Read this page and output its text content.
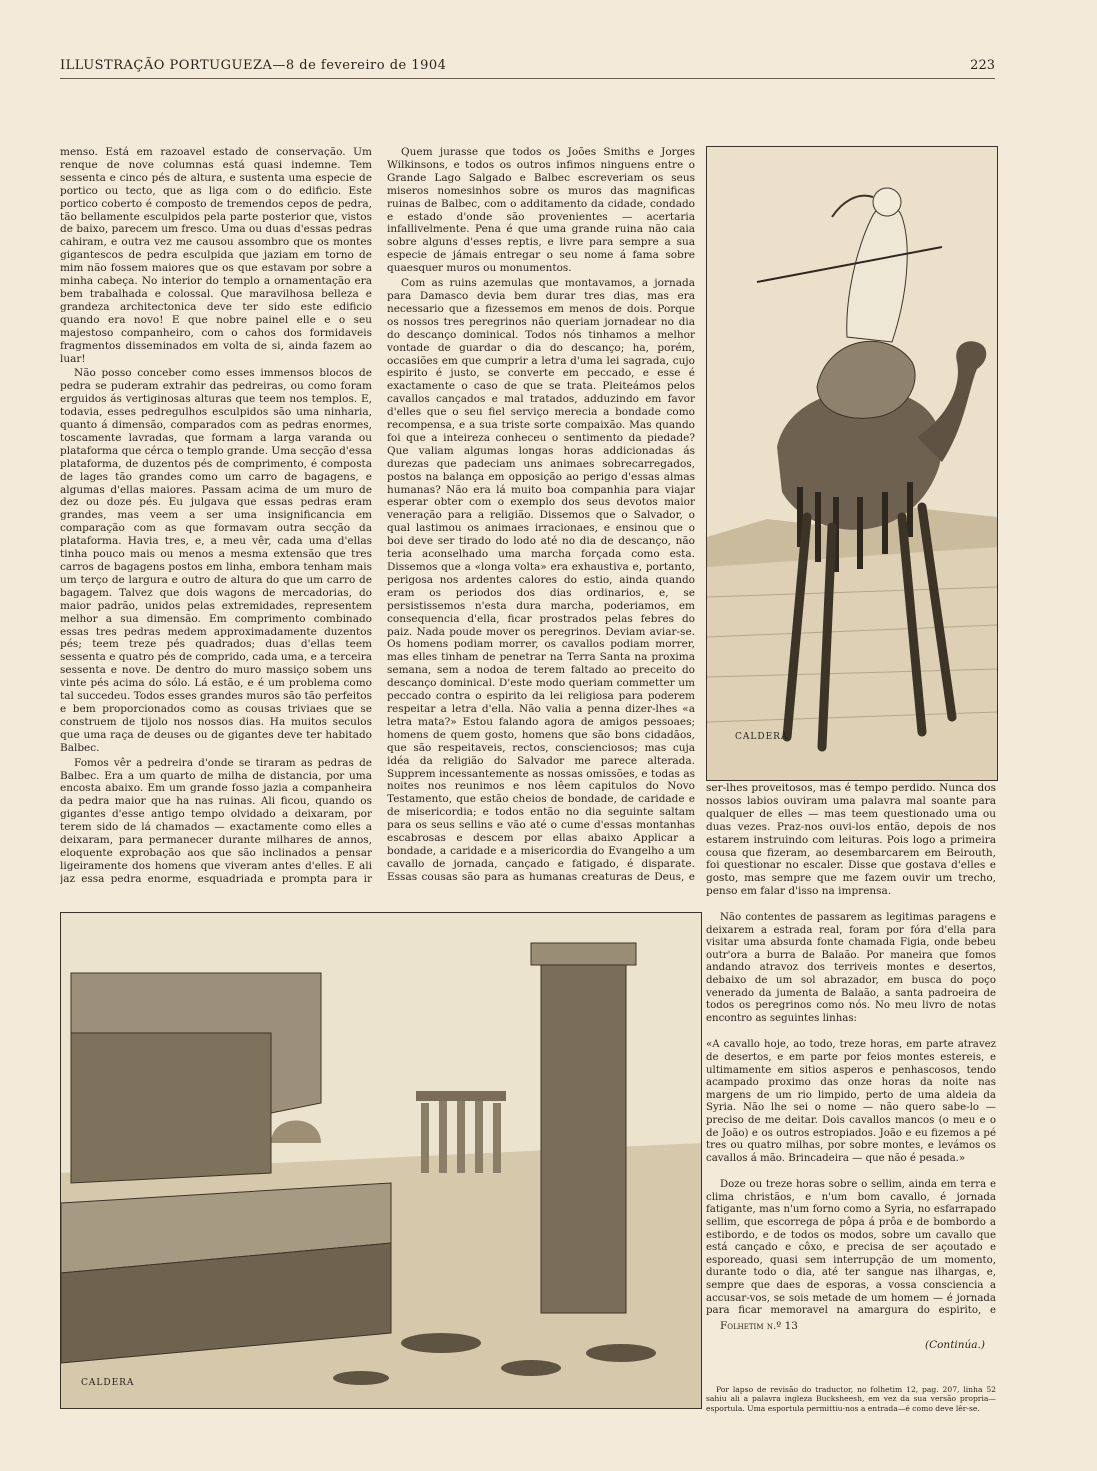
ILLUSTRAÇÃO PORTUGUEZA—8 de fevereiro de 1904	223

menso. Está em razoavel estado de conservação. Um renque de nove columnas está quasi indemne. Tem sessenta e cinco pés de altura, e sustenta uma especie de portico ou tecto, que as liga com o do edificio. Este portico coberto é composto de tremendos cepos de pedra, tão bellamente esculpidos pela parte posterior que, vistos de baixo, parecem um fresco. Uma ou duas d'essas pedras cahiram, e outra vez me causou assombro que os montes gigantescos de pedra esculpida que jaziam em torno de mim não fossem maiores que os que estavam por sobre a minha cabeça. No interior do templo a ornamentação era bem trabalhada e colossal. Que maravilhosa belleza e grandeza architectonica deve ter sido este edificio quando era novo! E que nobre painel elle e o seu majestoso companheiro, com o cahos dos formidaveis fragmentos disseminados em volta de si, ainda fazem ao luar!

Não posso conceber como esses immensos blocos de pedra se puderam extrahir das pedreiras, ou como foram erguidos ás vertiginosas alturas que teem nos templos. E, todavia, esses pedregulhos esculpidos são uma ninharia, quanto á dimensão, comparados com as pedras enormes, toscamente lavradas, que formam a larga varanda ou plataforma que cérca o templo grande. Uma secção d'essa plataforma, de duzentos pés de comprimento, é composta de lages tão grandes como um carro de bagagens, e algumas d'ellas maiores. Passam acima de um muro de dez ou doze pés. Eu julgava que essas pedras eram grandes, mas veem a ser uma insignificancia em comparação com as que formavam outra secção da plataforma. Havia tres, e, a meu vêr, cada uma d'ellas tinha pouco mais ou menos a mesma extensão que tres carros de bagagens postos em linha, embora tenham mais um terço de largura e outro de altura do que um carro de bagagem. Talvez que dois wagons de mercadorias, do maior padrão, unidos pelas extremidades, representem melhor a sua dimensão. Em comprimento combinado essas tres pedras medem approximadamente duzentos pés; teem treze pés quadrados; duas d'ellas teem sessenta e quatro pés de comprido, cada uma, e a terceira sessenta e nove. De dentro do muro massiço sobem uns vinte pés acima do sólo. Lá estão, e é um problema como tal succedeu. Todos esses grandes muros são tão perfeitos e bem proporcionados como as cousas triviaes que se construem de tijolo nos nossos dias. Ha muitos seculos que uma raça de deuses ou de gigantes deve ter habitado Balbec.

Fomos vêr a pedreira d'onde se tiraram as pedras de Balbec. Era a um quarto de milha de distancia, por uma encosta abaixo. Em um grande fosso jazia a companheira da pedra maior que ha nas ruinas. Ali ficou, quando os gigantes d'esse antigo tempo olvidado a deixaram, por terem sido de lá chamados — exactamente como elles a deixaram, para permanecer durante milhares de annos, eloquente exprobação aos que são inclinados a pensar ligeiramente dos homens que viveram antes d'elles. E ali jaz essa pedra enorme, esquadriada e prompta para ir

Quem jurasse que todos os Joões Smiths e Jorges Wilkinsons, e todos os outros infimos ninguens entre o Grande Lago Salgado e Balbec escreveriam os seus miseros nomesinhos sobre os muros das magnificas ruinas de Balbec, com o additamento da cidade, condado e estado d'onde são provenientes — acertaria infallivelmente. Pena é que uma grande ruina não caia sobre alguns d'esses reptis, e livre para sempre a sua especie de jámais entregar o seu nome á fama sobre quaesquer muros ou monumentos.

Com as ruins azemulas que montavamos, a jornada para Damasco devia bem durar tres dias, mas era necessario que a fizessemos em menos de dois. Porque os nossos tres peregrinos não queriam jornadear no dia do descanço dominical. Todos nós tinhamos a melhor vontade de guardar o dia do descanço; ha, porém, occasiões em que cumprir a letra d'uma lei sagrada, cujo espirito é justo, se converte em peccado, e esse é exactamente o caso de que se trata. Pleiteámos pelos cavallos cançados e mal tratados, adduzindo em favor d'elles que o seu fiel serviço merecia a bondade como recompensa, e a sua triste sorte compaixão. Mas quando foi que a inteireza conheceu o sentimento da piedade? Que valiam algumas longas horas addicionadas ás durezas que padeciam uns animaes sobrecarregados, postos na balança em opposição ao perigo d'essas almas humanas? Não era lá muito boa companhia para viajar esperar obter com o exemplo dos seus devotos maior veneração para a religião. Dissemos que o Salvador, o qual lastimou os animaes irracionaes, e ensinou que o boi deve ser tirado do lodo até no dia de descanço, não teria aconselhado uma marcha forçada como esta. Dissemos que a «longa volta» era exhaustiva e, portanto, perigosa nos ardentes calores do estio, ainda quando eram os periodos dos dias ordinarios, e, se persistissemos n'esta dura marcha, poderiamos, em consequencia d'ella, ficar prostrados pelas febres do paiz. Nada poude mover os peregrinos. Deviam aviar-se. Os homens podiam morrer, os cavallos podiam morrer, mas elles tinham de penetrar na Terra Santa na proxima semana, sem a nodoa de terem faltado ao preceito do descanço dominical. D'este modo queriam commetter um peccado contra o espirito da lei religiosa para poderem respeitar a letra d'ella. Não valia a penna dizer-lhes «a letra mata?» Estou falando agora de amigos pessoaes; homens de quem gosto, homens que são bons cidadãos, que são respeitaveis, rectos, conscienciosos; mas cuja idéa da religião do Salvador me parece alterada. Supprem incessantemente as nossas omissões, e todas as noites nos reunimos e nos lêem capitulos do Novo Testamento, que estão cheios de bondade, de caridade e de misericordia; e todos então no dia seguinte saltam para os seus sellins e vão até o cume d'essas montanhas escabrosas e descem por ellas abaixo Applicar a bondade, a caridade e a misericordia do Evangelho a um cavallo de jornada, cançado e fatigado, é disparate. Essas cousas são para as humanas creaturas de Deus, e

CALDERA

ser-lhes proveitosos, mas é tempo perdido. Nunca dos nossos labios ouviram uma palavra mal soante para qualquer de elles — mas teem questionado uma ou duas vezes. Praz-nos ouvi-los então, depois de nos estarem instruindo com leituras. Pois logo a primeira cousa que fizeram, ao desembarcarem em Beirouth, foi questionar no escaler. Disse que gostava d'elles e gosto, mas sempre que me fazem ouvir um trecho, penso em falar d'isso na imprensa.

Não contentes de passarem as legitimas paragens e deixarem a estrada real, foram por fóra d'ella para visitar uma absurda fonte chamada Figia, onde bebeu outr'ora a burra de Balaão. Por maneira que fomos andando atravoz dos terriveis montes e desertos, debaixo de um sol abrazador, em busca do poço venerado da jumenta de Balaão, a santa padroeira de todos os peregrinos como nós. No meu livro de notas encontro as seguintes linhas:

«A cavallo hoje, ao todo, treze horas, em parte atravez de desertos, e em parte por feios montes estereis, e ultimamente em sitios asperos e penhascosos, tendo acampado proximo das onze horas da noite nas margens de um rio limpido, perto de uma aldeia da Syria. Não lhe sei o nome — não quero sabe-lo — preciso de me deitar. Dois cavallos mancos (o meu e o de João) e os outros estropiados. João e eu fizemos a pé tres ou quatro milhas, por sobre montes, e levámos os cavallos á mão. Brincadeira — que não é pesada.»

Doze ou treze horas sobre o sellim, ainda em terra e clima christãos, e n'um bom cavallo, é jornada fatigante, mas n'um forno como a Syria, no esfarrapado sellim, que escorrega de pôpa á prôa e de bombordo a estibordo, e de todos os modos, sobre um cavallo que está cançado e côxo, e precisa de ser açoutado e esporeado, quasi sem interrupção de um momento, durante todo o dia, até ter sangue nas ilhargas, e, sempre que daes de esporas, a vossa consciencia a accusar-vos, se sois metade de um homem — é jornada para ficar memoravel na amargura do espirito, e

CALDERA
Folhetim n.º 13
(Continúa.)

Por lapso de revisão do traductor, no folhetim 12, pag. 207, linha 52 sahiu ali a palavra ingleza Bucksheesh, em vez da sua versão propria—esportula. Uma esportula permittiu-nos a entrada—é como deve lêr-se.
